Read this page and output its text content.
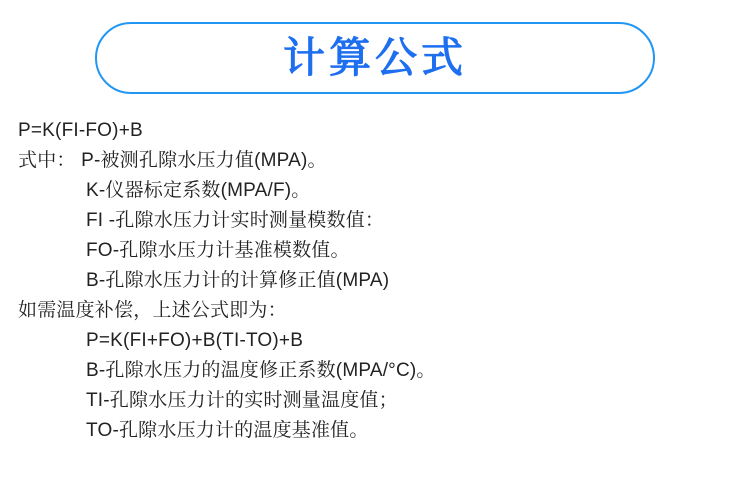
计算公式
P=K(FI-FO)+B
式中： P-被测孔隙水压力值(MPA)。
K-仪器标定系数(MPA/F)。
FI -孔隙水压力计实时测量模数值：
FO-孔隙水压力计基准模数值。
B-孔隙水压力计的计算修正值(MPA)
如需温度补偿，上述公式即为：
P=K(FI+FO)+B(TI-TO)+B
B-孔隙水压力的温度修正系数(MPA/°C)。
TI-孔隙水压力计的实时测量温度值；
TO-孔隙水压力计的温度基准值。
